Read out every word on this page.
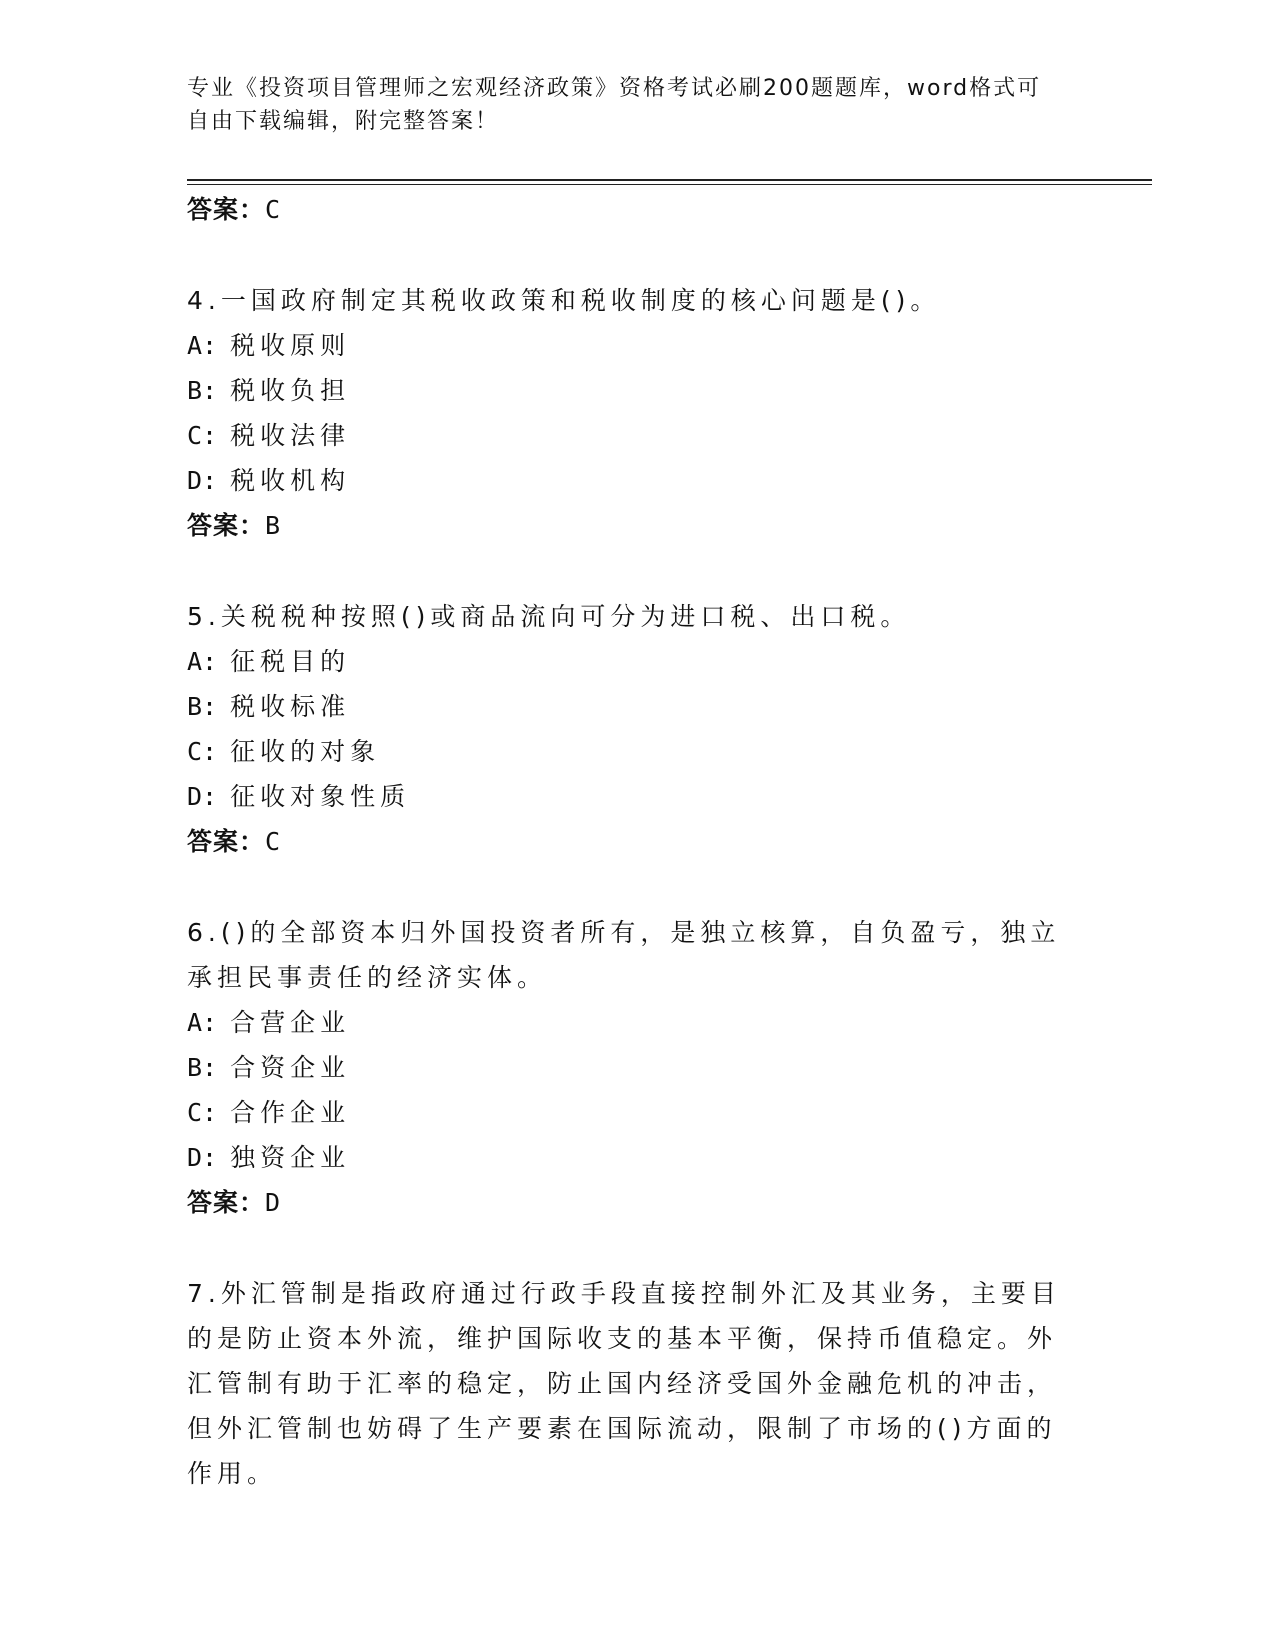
专业《投资项目管理师之宏观经济政策》资格考试必刷200题题库，word格式可
自由下载编辑，附完整答案！
答案：C
4.一国政府制定其税收政策和税收制度的核心问题是()。
A: 税收原则
B: 税收负担
C: 税收法律
D: 税收机构
答案：B
5.关税税种按照()或商品流向可分为进口税、出口税。
A: 征税目的
B: 税收标准
C: 征收的对象
D: 征收对象性质
答案：C
6.()的全部资本归外国投资者所有，是独立核算，自负盈亏，独立承担民事责任的经济实体。
A: 合营企业
B: 合资企业
C: 合作企业
D: 独资企业
答案：D
7.外汇管制是指政府通过行政手段直接控制外汇及其业务，主要目的是防止资本外流，维护国际收支的基本平衡，保持币值稳定。外汇管制有助于汇率的稳定，防止国内经济受国外金融危机的冲击，但外汇管制也妨碍了生产要素在国际流动，限制了市场的()方面的作用。
